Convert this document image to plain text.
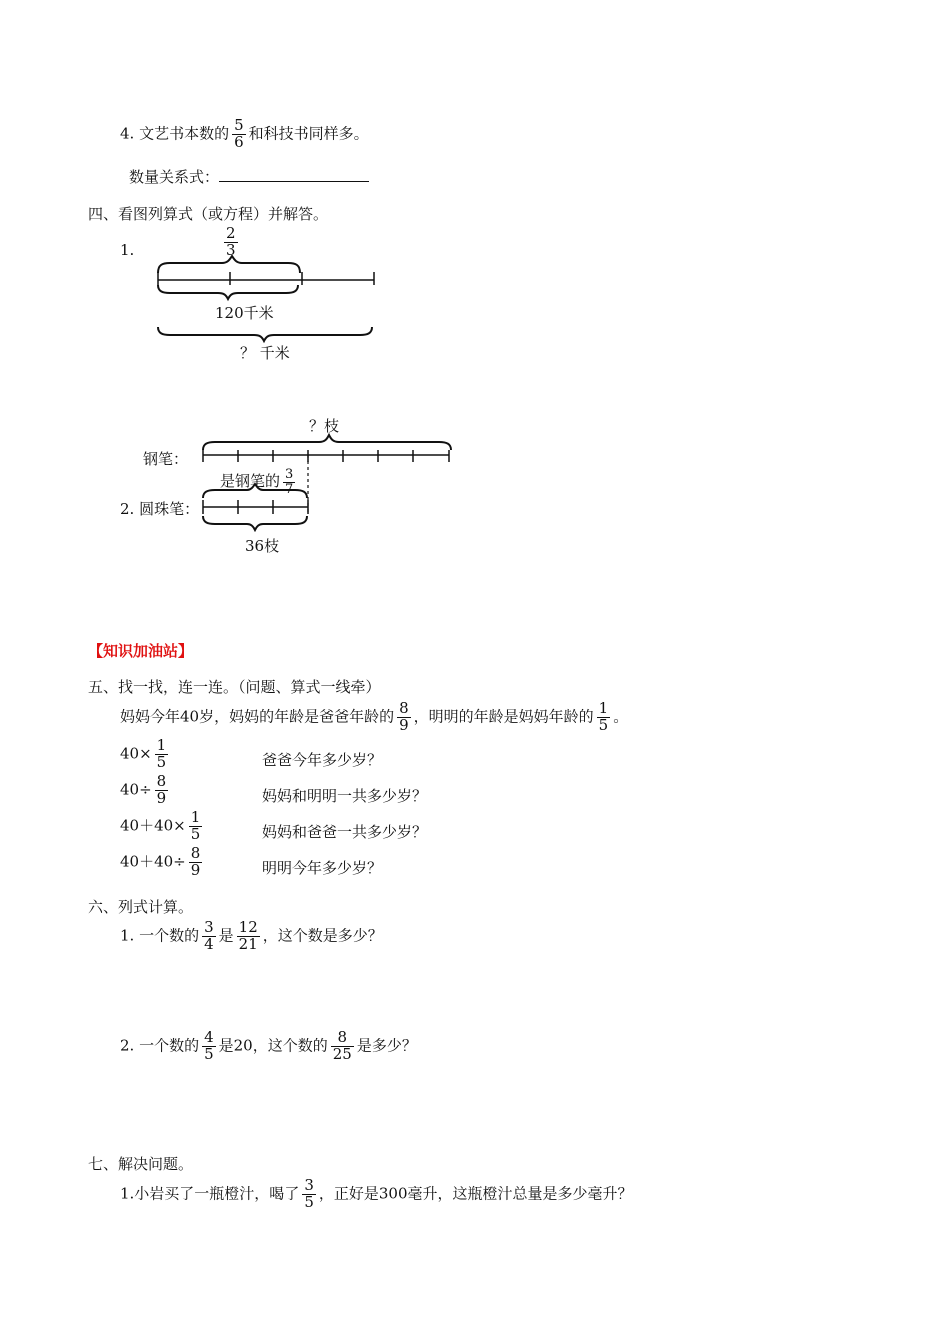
4. 文艺书本数的 $\frac{5}{6}$ 和科技书同样多。
数量关系式：
四、看图列算式（或方程）并解答。
1.	$\frac{2}{3}$
120千米
？ 千米
？枝
钢笔：
是钢笔的 $\frac{3}{7}$
2. 圆珠笔：
36枝
【知识加油站】
五、找一找，连一连。（问题、算式一线牵）
妈妈今年40岁，妈妈的年龄是爸爸年龄的 $\frac{8}{9}$ ，明明的年龄是妈妈年龄的 $\frac{1}{5}$ 。
$40\times \frac{1}{5}$	爸爸今年多少岁？
$40\div \frac{8}{9}$	妈妈和明明一共多少岁？
$40+40\times \frac{1}{5}$	妈妈和爸爸一共多少岁？
$40+40\div \frac{8}{9}$	明明今年多少岁？
六、列式计算。
1. 一个数的 $\frac{3}{4}$ 是 $\frac{12}{21}$ ，这个数是多少？
2. 一个数的 $\frac{4}{5}$ 是20，这个数的 $\frac{8}{25}$ 是多少？
七、解决问题。
1.小岩买了一瓶橙汁，喝了 $\frac{3}{5}$ ，正好是300毫升，这瓶橙汁总量是多少毫升？
